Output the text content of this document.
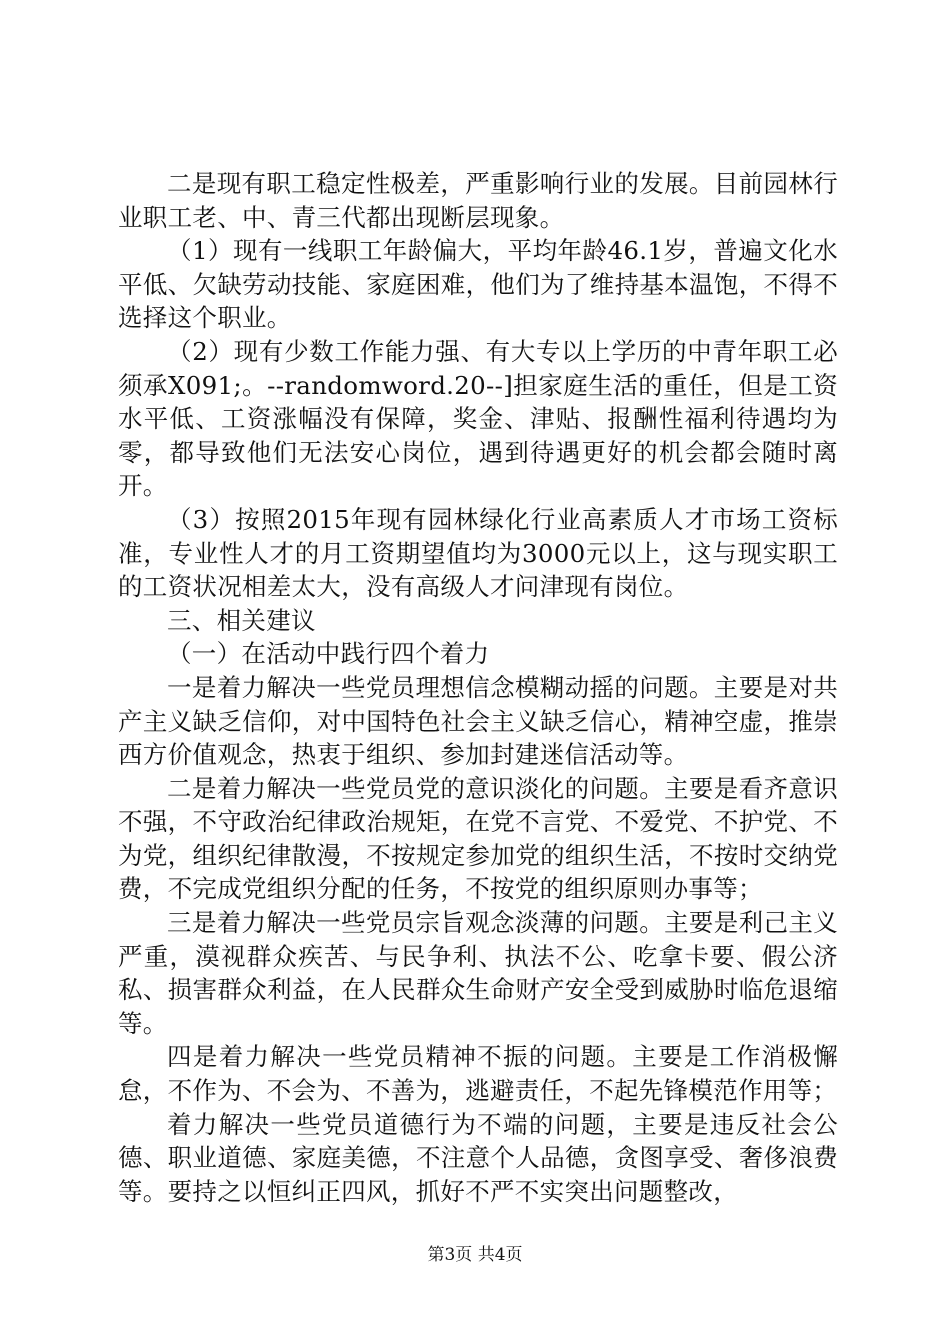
二是现有职工稳定性极差，严重影响行业的发展。目前园林行业职工老、中、青三代都出现断层现象。

（1）现有一线职工年龄偏大，平均年龄46.1岁，普遍文化水平低、欠缺劳动技能、家庭困难，他们为了维持基本温饱，不得不选择这个职业。

（2）现有少数工作能力强、有大专以上学历的中青年职工必须承X091;。--randomword.20--]担家庭生活的重任，但是工资水平低、工资涨幅没有保障，奖金、津贴、报酬性福利待遇均为零，都导致他们无法安心岗位，遇到待遇更好的机会都会随时离开。

（3）按照2015年现有园林绿化行业高素质人才市场工资标准，专业性人才的月工资期望值均为3000元以上，这与现实职工的工资状况相差太大，没有高级人才问津现有岗位。

三、相关建议

（一）在活动中践行四个着力

一是着力解决一些党员理想信念模糊动摇的问题。主要是对共产主义缺乏信仰，对中国特色社会主义缺乏信心，精神空虚，推崇西方价值观念，热衷于组织、参加封建迷信活动等。

二是着力解决一些党员党的意识淡化的问题。主要是看齐意识不强，不守政治纪律政治规矩，在党不言党、不爱党、不护党、不为党，组织纪律散漫，不按规定参加党的组织生活，不按时交纳党费，不完成党组织分配的任务，不按党的组织原则办事等；

三是着力解决一些党员宗旨观念淡薄的问题。主要是利己主义严重，漠视群众疾苦、与民争利、执法不公、吃拿卡要、假公济私、损害群众利益，在人民群众生命财产安全受到威胁时临危退缩等。

四是着力解决一些党员精神不振的问题。主要是工作消极懈怠，不作为、不会为、不善为，逃避责任，不起先锋模范作用等；

着力解决一些党员道德行为不端的问题，主要是违反社会公德、职业道德、家庭美德，不注意个人品德，贪图享受、奢侈浪费等。要持之以恒纠正四风，抓好不严不实突出问题整改，

第3页 共4页
